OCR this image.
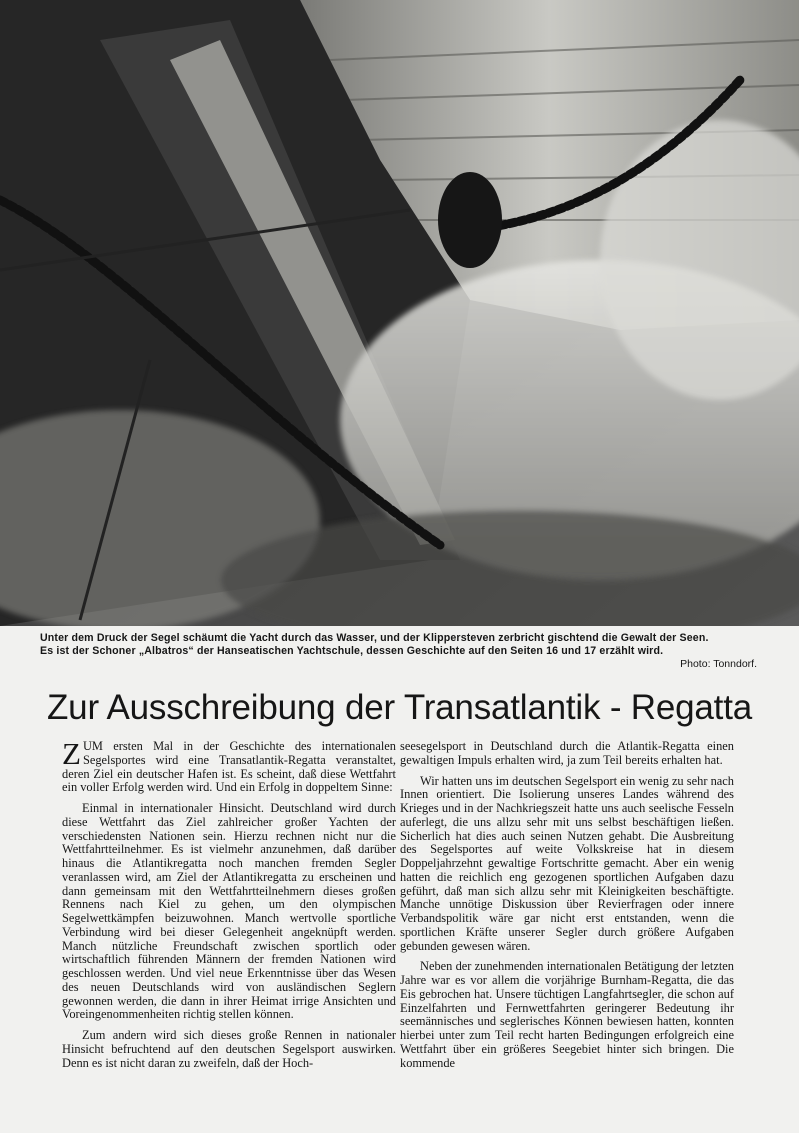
Unter dem Druck der Segel schäumt die Yacht durch das Wasser, und der Klippersteven zerbricht gischtend die Gewalt der Seen.

Es ist der Schoner „Albatros“ der Hanseatischen Yachtschule, dessen Geschichte auf den Seiten 16 und 17 erzählt wird.

Photo: Tonndorf.
Zur Ausschreibung der Transatlantik - Regatta

ZUM ersten Mal in der Geschichte des internationalen Segelsportes wird eine Transatlantik-Regatta veranstaltet, deren Ziel ein deutscher Hafen ist. Es scheint, daß diese Wettfahrt ein voller Erfolg werden wird. Und ein Erfolg in doppeltem Sinne:

Einmal in internationaler Hinsicht. Deutschland wird durch diese Wettfahrt das Ziel zahlreicher großer Yachten der verschiedensten Nationen sein. Hierzu rechnen nicht nur die Wettfahrtteilnehmer. Es ist vielmehr anzunehmen, daß darüber hinaus die Atlantikregatta noch manchen fremden Segler veranlassen wird, am Ziel der Atlantikregatta zu erscheinen und dann gemeinsam mit den Wettfahrtteilnehmern dieses großen Rennens nach Kiel zu gehen, um den olympischen Segelwettkämpfen beizuwohnen. Manch wertvolle sportliche Verbindung wird bei dieser Gelegenheit angeknüpft werden. Manch nützliche Freundschaft zwischen sportlich oder wirtschaftlich führenden Männern der fremden Nationen wird geschlossen werden. Und viel neue Erkenntnisse über das Wesen des neuen Deutschlands wird von ausländischen Seglern gewonnen werden, die dann in ihrer Heimat irrige Ansichten und Voreingenommenheiten richtig stellen können.

Zum andern wird sich dieses große Rennen in nationaler Hinsicht befruchtend auf den deutschen Segelsport auswirken. Denn es ist nicht daran zu zweifeln, daß der Hoch-

seesegelsport in Deutschland durch die Atlantik-Regatta einen gewaltigen Impuls erhalten wird, ja zum Teil bereits erhalten hat.

Wir hatten uns im deutschen Segelsport ein wenig zu sehr nach Innen orientiert. Die Isolierung unseres Landes während des Krieges und in der Nachkriegszeit hatte uns auch seelische Fesseln auferlegt, die uns allzu sehr mit uns selbst beschäftigen ließen. Sicherlich hat dies auch seinen Nutzen gehabt. Die Ausbreitung des Segelsportes auf weite Volkskreise hat in diesem Doppeljahrzehnt gewaltige Fortschritte gemacht. Aber ein wenig hatten die reichlich eng gezogenen sportlichen Aufgaben dazu geführt, daß man sich allzu sehr mit Kleinigkeiten beschäftigte. Manche unnötige Diskussion über Revierfragen oder innere Verbandspolitik wäre gar nicht erst entstanden, wenn die sportlichen Kräfte unserer Segler durch größere Aufgaben gebunden gewesen wären.

Neben der zunehmenden internationalen Betätigung der letzten Jahre war es vor allem die vorjährige Burnham-Regatta, die das Eis gebrochen hat. Unsere tüchtigen Langfahrtsegler, die schon auf Einzelfahrten und Fernwettfahrten geringerer Bedeutung ihr seemännisches und seglerisches Können bewiesen hatten, konnten hierbei unter zum Teil recht harten Bedingungen erfolgreich eine Wettfahrt über ein größeres Seegebiet hinter sich bringen. Die kommende
